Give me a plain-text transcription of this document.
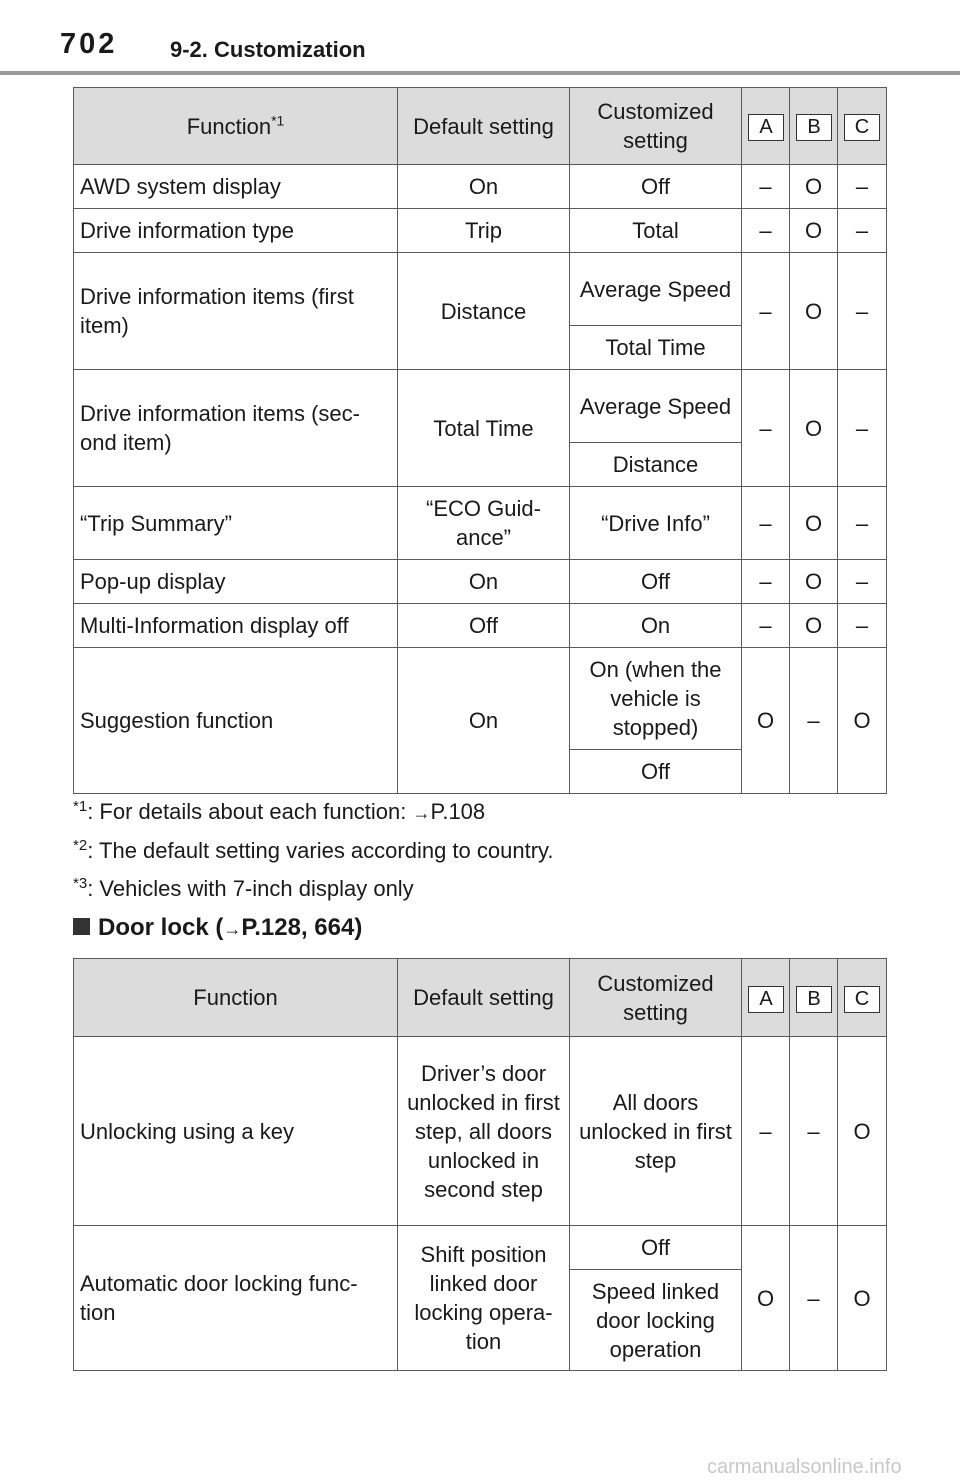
702 9-2. Customization
Function$^{*1}$	Default setting	Customized setting	A	B	C
AWD system display	On	Off	–	O	–
Drive information type	Trip	Total	–	O	–
Drive information items (first item)	Distance	Average Speed	–	O	–
		Total Time			
Drive information items (sec-ond item)	Total Time	Average Speed	–	O	–
		Distance			
“Trip Summary”	“ECO Guid-ance”	“Drive Info”	–	O	–
Pop-up display	On	Off	–	O	–
Multi-Information display off	Off	On	–	O	–
Suggestion function	On	On (when the vehicle is stopped)	O	–	O
		Off			
$^{*1}$: For details about each function: →P.108
$^{*2}$: The default setting varies according to country.
$^{*3}$: Vehicles with 7-inch display only
Door lock (→P.128, 664)
Function	Default setting	Customized setting	A	B	C
Unlocking using a key	Driver’s door unlocked in first step, all doors unlocked in second step	All doors unlocked in first step	–	–	O
Automatic door locking func-tion	Shift position linked door locking opera-tion	Off	O	–	O
		Speed linked door locking operation			
carmanualsonline.info
